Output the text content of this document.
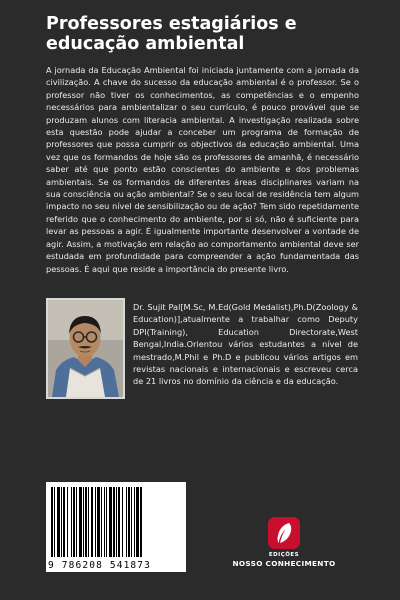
Professores estagiários e educação ambiental

A jornada da Educação Ambiental foi iniciada juntamente com a jornada da civilização. A chave do sucesso da educação ambiental é o professor. Se o professor não tiver os conhecimentos, as competências e o empenho necessários para ambientalizar o seu currículo, é pouco provável que se produzam alunos com literacia ambiental. A investigação realizada sobre esta questão pode ajudar a conceber um programa de formação de professores que possa cumprir os objectivos da educação ambiental. Uma vez que os formandos de hoje são os professores de amanhã, é necessário saber até que ponto estão conscientes do ambiente e dos problemas ambientais. Se os formandos de diferentes áreas disciplinares variam na sua consciência ou ação ambiental? Se o seu local de residência tem algum impacto no seu nível de sensibilização ou de ação? Tem sido repetidamente referido que o conhecimento do ambiente, por si só, não é suficiente para levar as pessoas a agir. É igualmente importante desenvolver a vontade de agir. Assim, a motivação em relação ao comportamento ambiental deve ser estudada em profundidade para compreender a ação fundamentada das pessoas. É aqui que reside a importância do presente livro.

Dr. Sujit Pal[M.Sc, M.Ed(Gold Medalist),Ph.D(Zoology & Education)],atualmente a trabalhar como Deputy DPI(Training), Education Directorate,West Bengal,India.Orientou vários estudantes a nível de mestrado,M.Phil e Ph.D e publicou vários artigos em revistas nacionais e internacionais e escreveu cerca de 21 livros no domínio da ciência e da educação.

9 786208 541873
EDIÇÕES
NOSSO CONHECIMENTO
